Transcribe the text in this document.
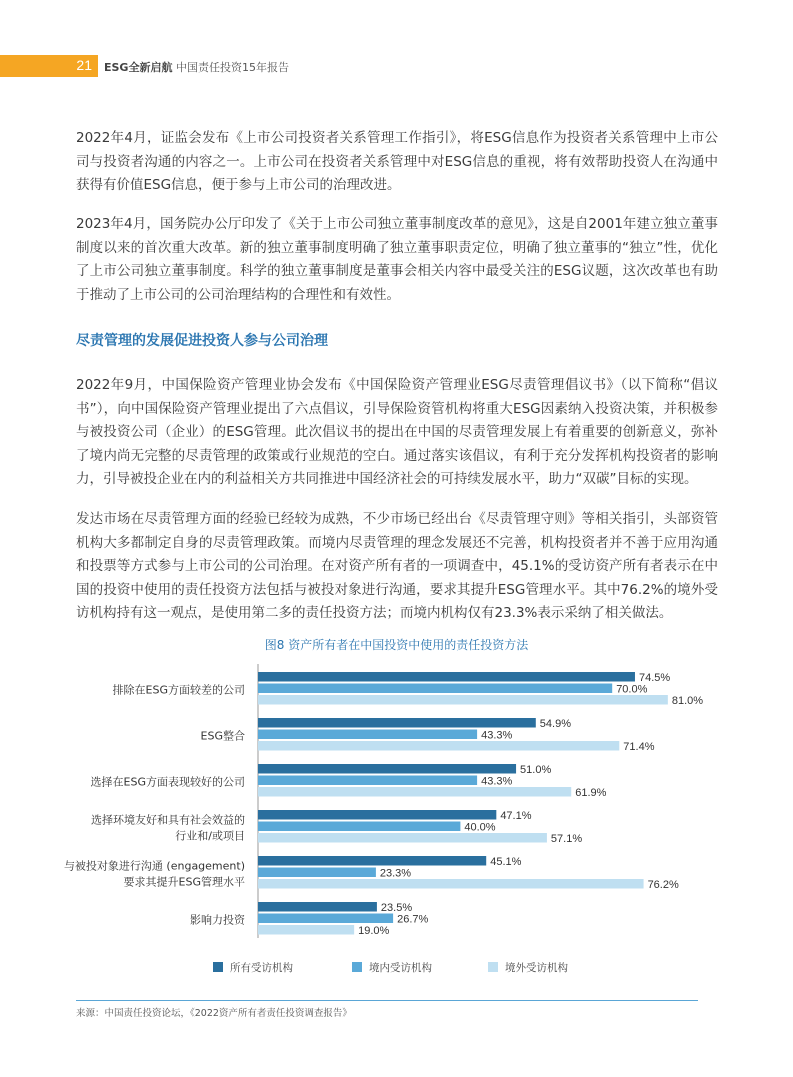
21 ESG全新启航 中国责任投资15年报告

2022年4月，证监会发布《上市公司投资者关系管理工作指引》，将ESG信息作为投资者关系管理中上市公司与投资者沟通的内容之一。上市公司在投资者关系管理中对ESG信息的重视，将有效帮助投资人在沟通中获得有价值ESG信息，便于参与上市公司的治理改进。

2023年4月，国务院办公厅印发了《关于上市公司独立董事制度改革的意见》，这是自2001年建立独立董事制度以来的首次重大改革。新的独立董事制度明确了独立董事职责定位，明确了独立董事的“独立”性，优化了上市公司独立董事制度。科学的独立董事制度是董事会相关内容中最受关注的ESG议题，这次改革也有助于推动了上市公司的公司治理结构的合理性和有效性。

尽责管理的发展促进投资人参与公司治理

2022年9月，中国保险资产管理业协会发布《中国保险资产管理业ESG尽责管理倡议书》（以下简称“倡议书”），向中国保险资产管理业提出了六点倡议，引导保险资管机构将重大ESG因素纳入投资决策，并积极参与被投资公司（企业）的ESG管理。此次倡议书的提出在中国的尽责管理发展上有着重要的创新意义，弥补了境内尚无完整的尽责管理的政策或行业规范的空白。通过落实该倡议，有利于充分发挥机构投资者的影响力，引导被投企业在内的利益相关方共同推进中国经济社会的可持续发展水平，助力“双碳”目标的实现。

发达市场在尽责管理方面的经验已经较为成熟，不少市场已经出台《尽责管理守则》等相关指引，头部资管机构大多都制定自身的尽责管理政策。而境内尽责管理的理念发展还不完善，机构投资者并不善于应用沟通和投票等方式参与上市公司的公司治理。在对资产所有者的一项调查中，45.1%的受访资产所有者表示在中国的投资中使用的责任投资方法包括与被投对象进行沟通，要求其提升ESG管理水平。其中76.2%的境外受访机构持有这一观点，是使用第二多的责任投资方法；而境内机构仅有23.3%表示采纳了相关做法。

图8 资产所有者在中国投资中使用的责任投资方法
排除在ESG方面较差的公司
74.5%
70.0%
81.0%
ESG整合
54.9%
43.3%
71.4%
选择在ESG方面表现较好的公司
51.0%
43.3%
61.9%
选择环境友好和具有社会效益的
行业和/或项目
47.1%
40.0%
57.1%
与被投对象进行沟通 (engagement)
要求其提升ESG管理水平
45.1%
23.3%
76.2%
影响力投资
23.5%
26.7%
19.0%
所有受访机构	境内受访机构	境外受访机构
来源：中国责任投资论坛，《2022资产所有者责任投资调查报告》
